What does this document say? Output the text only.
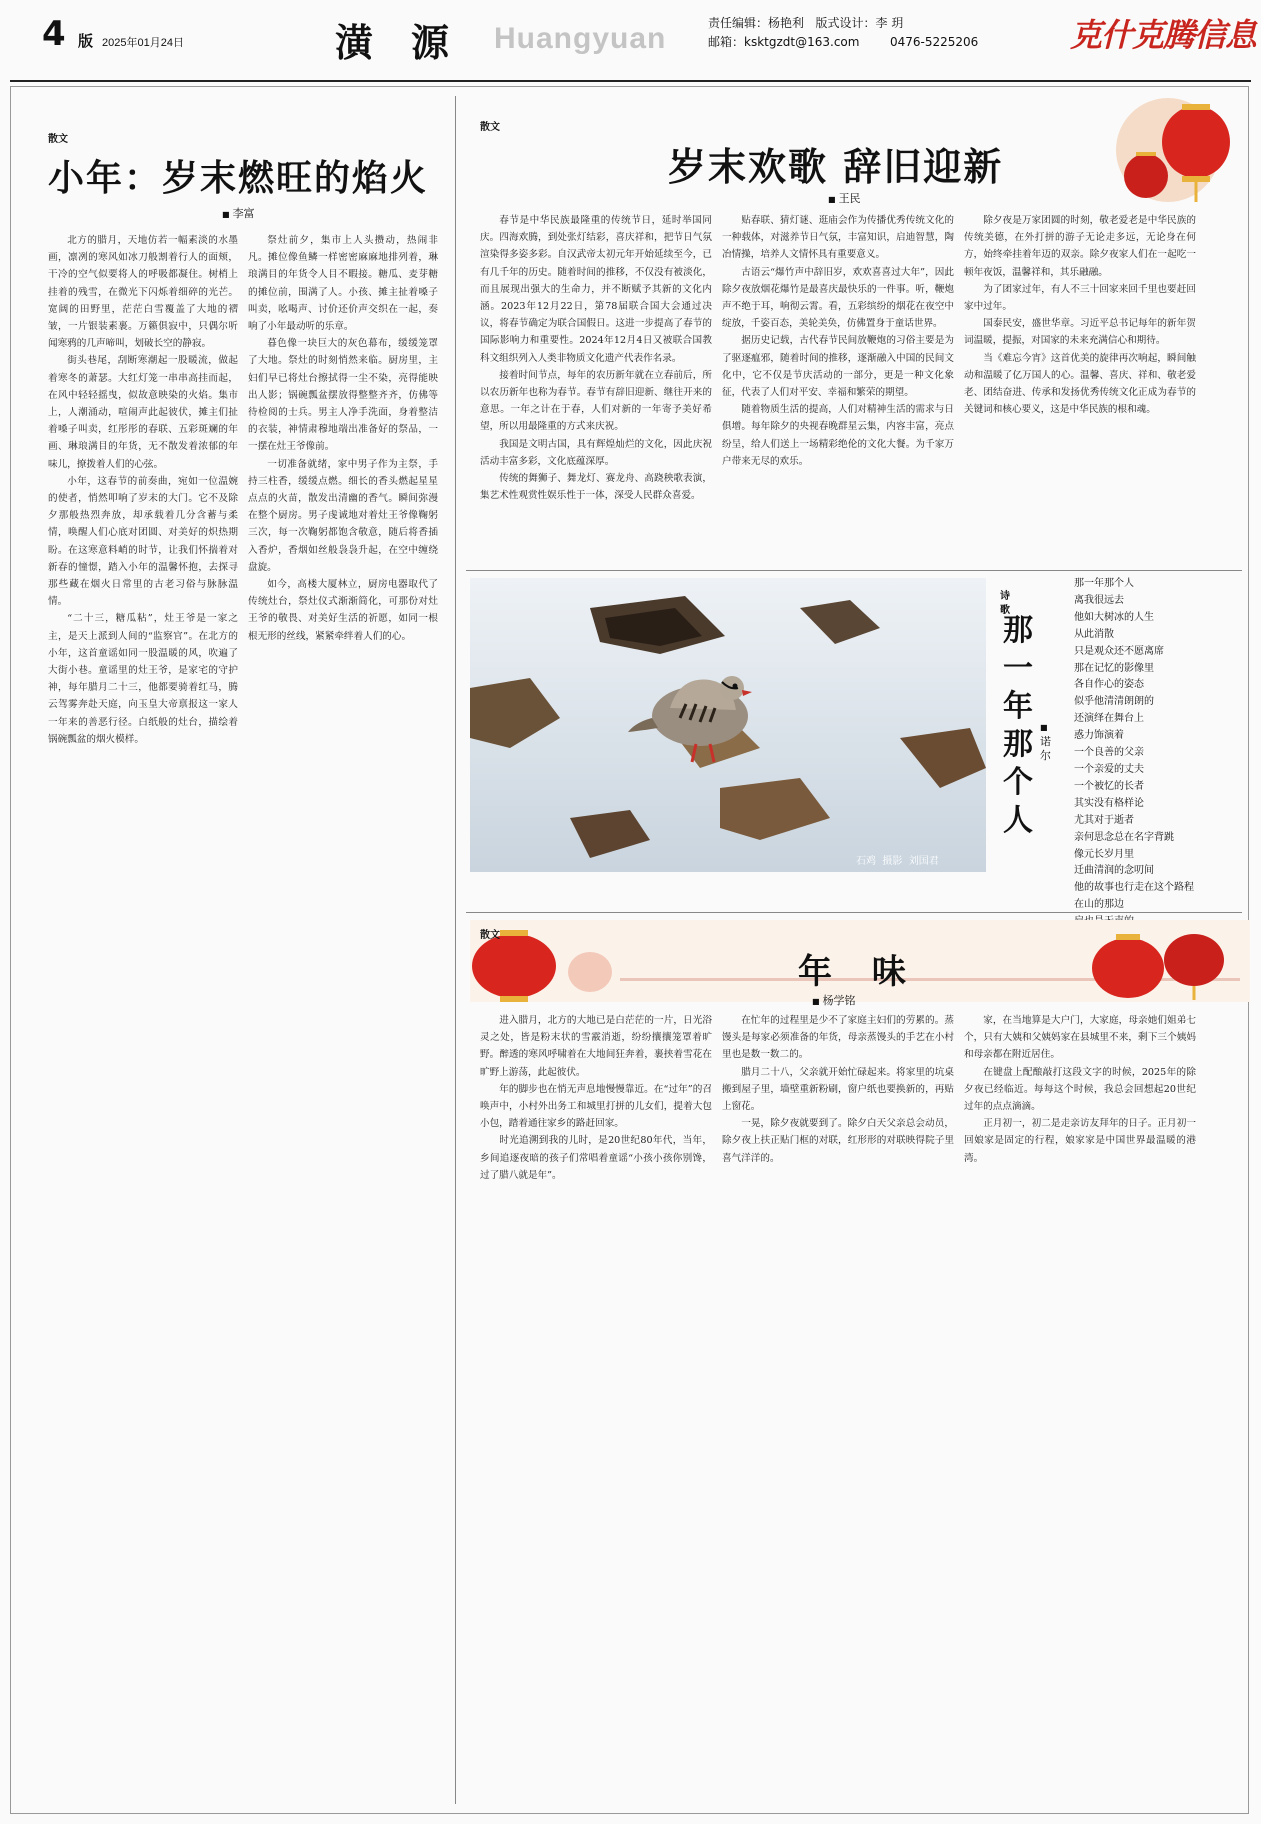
4 版 2025年01月24日	潢源 Huangyuan	责任编辑：杨艳利 版式设计：李 玥
邮箱：ksktgzdt@163.com	0476-5225206	克什克腾信息
散文
小年：岁末燃旺的焰火
■ 李富

北方的腊月，天地仿若一幅素淡的水墨画，凛冽的寒风如冰刀般割着行人的面颊，干冷的空气似要将人的呼吸都凝住。树梢上挂着的残雪，在微光下闪烁着细碎的光芒。宽阔的田野里，茫茫白雪覆盖了大地的褶皱，一片银装素裹。万籁俱寂中，只偶尔听闻寒鸦的几声啼叫，划破长空的静寂。

街头巷尾，刮断寒潮起一股暖流，做起着寒冬的萧瑟。大红灯笼一串串高挂而起，在风中轻轻摇曳，似故意映染的火焰。集市上，人潮涌动，喧闹声此起彼伏，摊主们扯着嗓子叫卖，红彤彤的春联、五彩斑斓的年画、琳琅满目的年货，无不散发着浓郁的年味儿，撩拨着人们的心弦。

小年，这春节的前奏曲，宛如一位温婉的使者，悄然叩响了岁末的大门。它不及除夕那般热烈奔放，却承载着几分含蓄与柔情，唤醒人们心底对团圆、对美好的炽热期盼。在这寒意料峭的时节，让我们怀揣着对新春的憧憬，踏入小年的温馨怀抱，去探寻那些藏在烟火日常里的古老习俗与脉脉温情。

“二十三，糖瓜粘”，灶王爷是一家之主，是天上派到人间的“监察官”。在北方的小年，这首童谣如同一股温暖的风，吹遍了大街小巷。童谣里的灶王爷，是家宅的守护神，每年腊月二十三，他都要骑着红马，腾云驾雾奔赴天庭，向玉皇大帝禀报这一家人一年来的善恶行径。白纸般的灶台，描绘着锅碗瓢盆的烟火模样。

祭灶前夕，集市上人头攒动，热闹非凡。摊位像鱼鳞一样密密麻麻地排列着，琳琅满目的年货令人目不暇接。糖瓜、麦芽糖的摊位前，围满了人。小孩、摊主扯着嗓子叫卖，吆喝声、讨价还价声交织在一起，奏响了小年最动听的乐章。

暮色像一块巨大的灰色幕布，缓缓笼罩了大地。祭灶的时刻悄然来临。厨房里，主妇们早已将灶台擦拭得一尘不染，亮得能映出人影；锅碗瓢盆摆放得整整齐齐，仿佛等待检阅的士兵。男主人净手洗面，身着整洁的衣装，神情肃穆地端出准备好的祭品，一一摆在灶王爷像前。

一切准备就绪，家中男子作为主祭，手持三柱香，缓缓点燃。细长的香头燃起星星点点的火苗，散发出清幽的香气。瞬间弥漫在整个厨房。男子虔诚地对着灶王爷像鞠躬三次，每一次鞠躬都饱含敬意，随后将香插入香炉，香烟如丝般袅袅升起，在空中缠绕盘旋。

如今，高楼大厦林立，厨房电器取代了传统灶台，祭灶仪式渐渐简化，可那份对灶王爷的敬畏、对美好生活的祈愿，如同一根根无形的丝线，紧紧牵绊着人们的心。

散文
岁末欢歌 辞旧迎新
■ 王民

春节是中华民族最隆重的传统节日，延时举国同庆。四海欢腾，到处张灯结彩，喜庆祥和，把节日气氛渲染得多姿多彩。自汉武帝太初元年开始延续至今，已有几千年的历史。随着时间的推移，不仅没有被淡化，而且展现出强大的生命力，并不断赋予其新的文化内涵。2023年12月22日，第78届联合国大会通过决议，将春节确定为联合国假日。这进一步提高了春节的国际影响力和重要性。2024年12月4日又被联合国教科文组织列入人类非物质文化遗产代表作名录。

接着时间节点，每年的农历新年就在立春前后，所以农历新年也称为春节。春节有辞旧迎新、继往开来的意思。一年之计在于春，人们对新的一年寄予美好希望，所以用最隆重的方式来庆祝。

我国是文明古国，具有辉煌灿烂的文化，因此庆祝活动丰富多彩，文化底蕴深厚。

传统的舞狮子、舞龙灯、赛龙舟、高跷秧歌表演，集艺术性观赏性娱乐性于一体，深受人民群众喜爱。

贴春联、猜灯谜、逛庙会作为传播优秀传统文化的一种载体，对滋养节日气氛，丰富知识，启迪智慧，陶冶情操，培养人文情怀具有重要意义。

古语云“爆竹声中辞旧岁，欢欢喜喜过大年”，因此除夕夜放烟花爆竹是最喜庆最快乐的一件事。听，鞭炮声不绝于耳，响彻云霄。看，五彩缤纷的烟花在夜空中绽放，千姿百态，美轮美奂，仿佛置身于童话世界。

据历史记载，古代春节民间放鞭炮的习俗主要是为了驱逐瘟邪，随着时间的推移，逐渐融入中国的民间文化中，它不仅是节庆活动的一部分，更是一种文化象征，代表了人们对平安、幸福和繁荣的期望。

随着物质生活的提高，人们对精神生活的需求与日俱增。每年除夕的央视春晚群星云集，内容丰富，亮点纷呈，给人们送上一场精彩绝伦的文化大餐。为千家万户带来无尽的欢乐。

除夕夜是万家团圆的时刻，敬老爱老是中华民族的传统美德，在外打拼的游子无论走多远，无论身在何方，始终牵挂着年迈的双亲。除夕夜家人们在一起吃一顿年夜饭，温馨祥和，其乐融融。

为了团家过年，有人不三十回家来回千里也要赶回家中过年。

国泰民安，盛世华章。习近平总书记每年的新年贺词温暖，提振，对国家的未来充满信心和期待。

当《难忘今宵》这首优美的旋律再次响起，瞬间触动和温暖了亿万国人的心。温馨、喜庆、祥和、敬老爱老、团结奋进、传承和发扬优秀传统文化正成为春节的关键词和核心要义，这是中华民族的根和魂。

石鸡 摄影 刘国君
诗歌
那一年那个人
■ 诺尔
那一年那个人
离我很远去
他如大树冰的人生
从此消散
只是观众还不愿离席
那在记忆的影像里
各自作心的姿态
似乎他清清朗朗的
还演绎在舞台上
惑力饰演着
一个良善的父亲
一个亲爱的丈夫
一个被忆的长者
其实没有格样论
尤其对于逝者
亲何思念总在名字背跳
像元长岁月里
迁曲清润的念叨间
他的故事也行走在这个路程
在山的那边
散文
年 味
■ 杨学铭

进入腊月，北方的大地已是白茫茫的一片，日光浴灵之处，皆是粉末状的雪霰消逝，纷纷攘攘笼罩着旷野。醉透的寒风呼啸着在大地间狂奔着，裹挟着雪花在旷野上游荡，此起彼伏。

年的脚步也在悄无声息地慢慢靠近。在“过年”的召唤声中，小村外出务工和城里打拼的儿女们，提着大包小包，踏着通往家乡的路赶回家。

时光追溯到我的儿时，是20世纪80年代，当年，乡间追逐夜暗的孩子们常唱着童谣“小孩小孩你别馋，过了腊八就是年”。

在忙年的过程里是少不了家庭主妇们的劳累的。蒸馒头是每家必须准备的年货，母亲蒸馒头的手艺在小村里也是数一数二的。

腊月二十八，父亲就开始忙碌起来。将家里的坑桌搬到屋子里，墙壁重新粉刷，窗户纸也要换新的，再贴上窗花。

一晃，除夕夜就要到了。除夕白天父亲总会动员，除夕夜上扶正贴门框的对联，红形形的对联映得院子里喜气洋洋的。

家，在当地算是大户门，大家庭，母亲她们姐弟七个，只有大姨和父姨妈家在县城里不来，剩下三个姨妈和母亲都在附近居住。

在键盘上配酿敲打这段文字的时候，2025年的除夕夜已经临近。每每这个时候，我总会回想起20世纪过年的点点滴滴。

正月初一，初二是走亲访友拜年的日子。正月初一回娘家是固定的行程，娘家家是中国世界最温暖的港湾。
